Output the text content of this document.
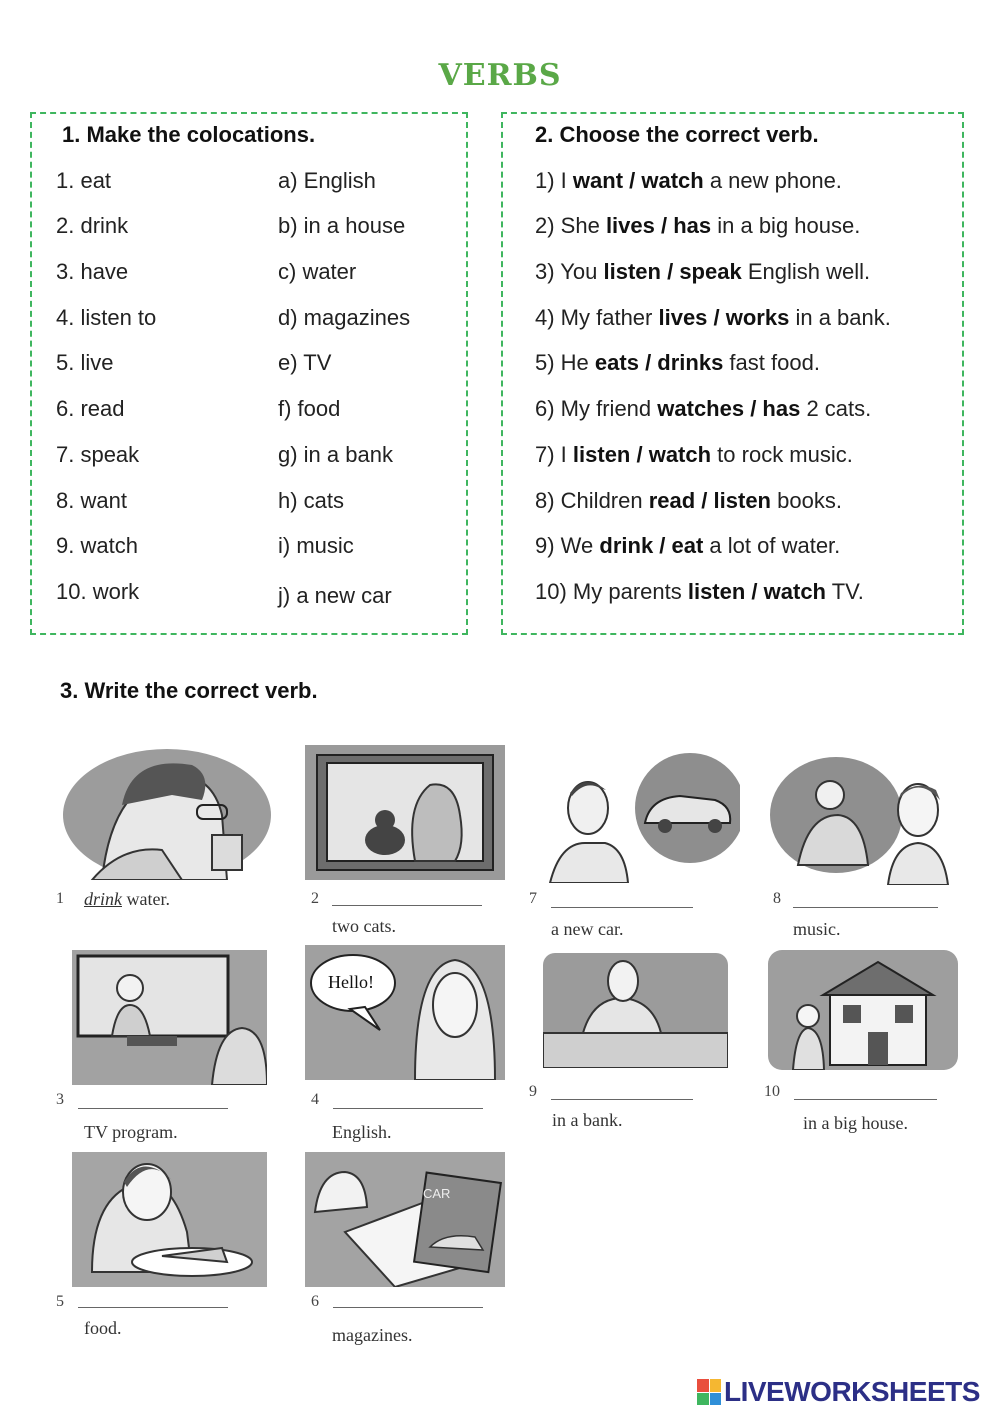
VERBS
1. Make the colocations.
1. eat
2. drink
3. have
4. listen to
5. live
6. read
7. speak
8. want
9. watch
10. work
a) English
b) in a house
c) water
d) magazines
e) TV
f) food
g) in a bank
h) cats
i) music
j) a new car
2. Choose the correct verb.
1) I want / watch a new phone.
2) She lives / has in a big house.
3) You listen / speak English well.
4) My father lives / works in a bank.
5) He eats / drinks fast food.
6) My friend watches / has 2 cats.
7) I listen / watch to rock music.
8) Children read / listen books.
9) We drink / eat a lot of water.
10) My parents listen / watch TV.
3. Write the correct verb.
1 drink water.	2
two cats.
7
a new car.
8
music.
3
TV program.
Hello!
4
English.
9
in a bank.
10
in a big house.
5
food.
CAR
6
magazines.
LIVEWORKSHEETS
